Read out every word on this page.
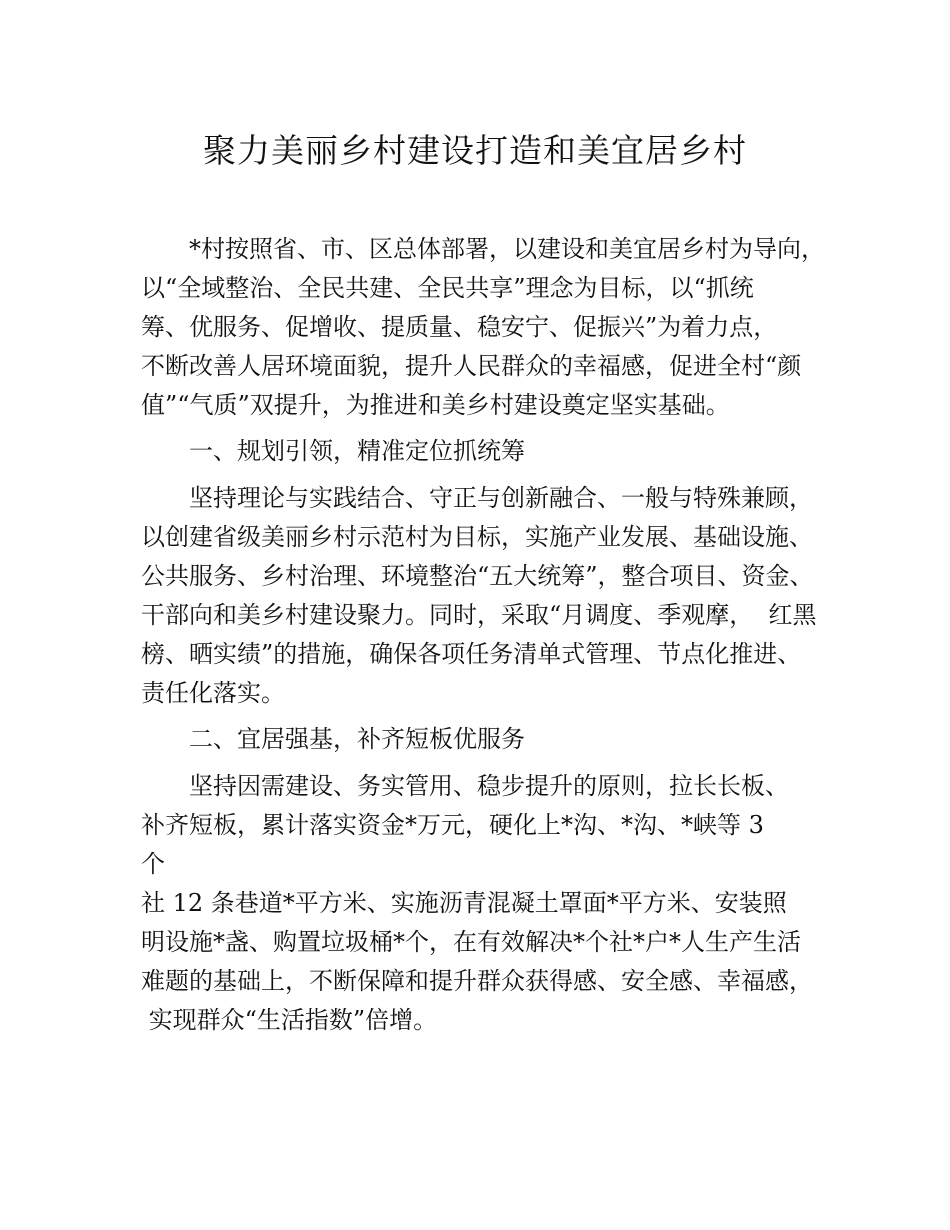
聚力美丽乡村建设打造和美宜居乡村
*村按照省、市、区总体部署，以建设和美宜居乡村为导向，
以“全域整治、全民共建、全民共享”理念为目标，以“抓统
筹、优服务、促增收、提质量、稳安宁、促振兴”为着力点，
不断改善人居环境面貌，提升人民群众的幸福感，促进全村“颜
值”“气质”双提升，为推进和美乡村建设奠定坚实基础。
一、规划引领，精准定位抓统筹
坚持理论与实践结合、守正与创新融合、一般与特殊兼顾，
以创建省级美丽乡村示范村为目标，实施产业发展、基础设施、
公共服务、乡村治理、环境整治“五大统筹”，整合项目、资金、
干部向和美乡村建设聚力。同时，采取“月调度、季观摩，  红黑
榜、晒实绩”的措施，确保各项任务清单式管理、节点化推进、
责任化落实。
二、宜居强基，补齐短板优服务
坚持因需建设、务实管用、稳步提升的原则，拉长长板、
补齐短板，累计落实资金*万元，硬化上*沟、*沟、*峡等 3
个
社 12 条巷道*平方米、实施沥青混凝土罩面*平方米、安装照
明设施*盏、购置垃圾桶*个，在有效解决*个社*户*人生产生活
难题的基础上，不断保障和提升群众获得感、安全感、幸福感，
实现群众“生活指数”倍增。
